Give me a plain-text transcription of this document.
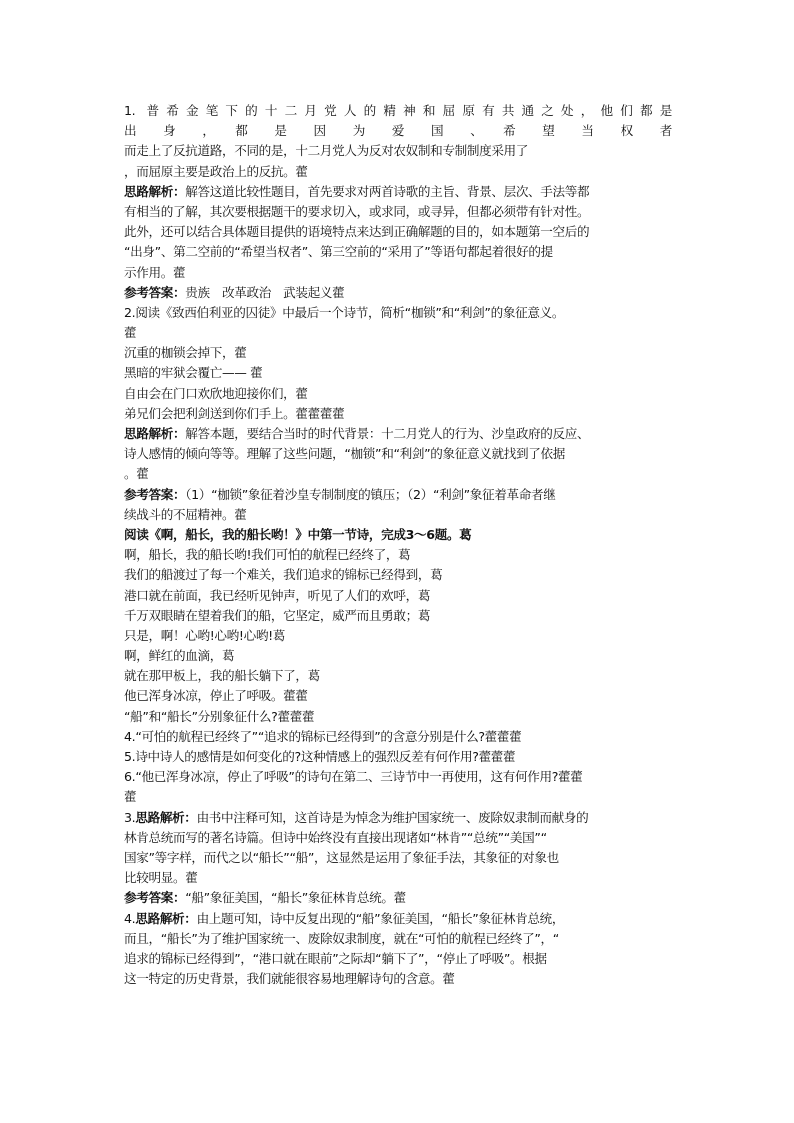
1. 普希金笔下的十二月党人的精神和屈原有共通之处，他们都是
出　身　，　都　是　因　为　爱　国　、　希　望　当　权　者
而走上了反抗道路，不同的是，十二月党人为反对农奴制和专制制度采用了
，而屈原主要是政治上的反抗。藿
思路解析：解答这道比较性题目，首先要求对两首诗歌的主旨、背景、层次、手法等都
有相当的了解，其次要根据题干的要求切入，或求同，或寻异，但都必须带有针对性。
此外，还可以结合具体题目提供的语境特点来达到正确解题的目的，如本题第一空后的
“出身”、第二空前的“希望当权者”、第三空前的“采用了”等语句都起着很好的提
示作用。藿
参考答案：贵族　改革政治　武装起义藿
2.阅读《致西伯利亚的囚徒》中最后一个诗节，简析“枷锁”和“利剑”的象征意义。
藿
沉重的枷锁会掉下，藿
黑暗的牢狱会覆亡—— 藿
自由会在门口欢欣地迎接你们，藿
弟兄们会把利剑送到你们手上。藿藿藿藿
思路解析：解答本题，要结合当时的时代背景：十二月党人的行为、沙皇政府的反应、
诗人感情的倾向等等。理解了这些问题，“枷锁”和“利剑”的象征意义就找到了依据
。藿
参考答案：（1）“枷锁”象征着沙皇专制制度的镇压；（2）“利剑”象征着革命者继
续战斗的不屈精神。藿
阅读《啊，船长，我的船长哟！》中第一节诗，完成3～6题。葛
啊，船长，我的船长哟!我们可怕的航程已经终了，葛
我们的船渡过了每一个难关，我们追求的锦标已经得到，葛
港口就在前面，我已经听见钟声，听见了人们的欢呼，葛
千万双眼睛在望着我们的船，它坚定，威严而且勇敢；葛
只是，啊！心哟!心哟!心哟!葛
啊，鲜红的血滴，葛
就在那甲板上，我的船长躺下了，葛
他已浑身冰凉，停止了呼吸。藿藿
“船”和“船长”分别象征什么?藿藿藿
4.“可怕的航程已经终了”“追求的锦标已经得到”的含意分别是什么?藿藿藿
5.诗中诗人的感情是如何变化的?这种情感上的强烈反差有何作用?藿藿藿
6.“他已浑身冰凉，停止了呼吸”的诗句在第二、三诗节中一再使用，这有何作用?藿藿
藿
3.思路解析：由书中注释可知，这首诗是为悼念为维护国家统一、废除奴隶制而献身的
林肯总统而写的著名诗篇。但诗中始终没有直接出现诸如“林肯”“总统”“美国”“
国家”等字样，而代之以“船长”“船”，这显然是运用了象征手法，其象征的对象也
比较明显。藿
参考答案：“船”象征美国，“船长”象征林肯总统。藿
4.思路解析：由上题可知，诗中反复出现的“船”象征美国，“船长”象征林肯总统，
而且，“船长”为了维护国家统一、废除奴隶制度，就在“可怕的航程已经终了”，“
追求的锦标已经得到”，“港口就在眼前”之际却“躺下了”，“停止了呼吸”。根据
这一特定的历史背景，我们就能很容易地理解诗句的含意。藿
